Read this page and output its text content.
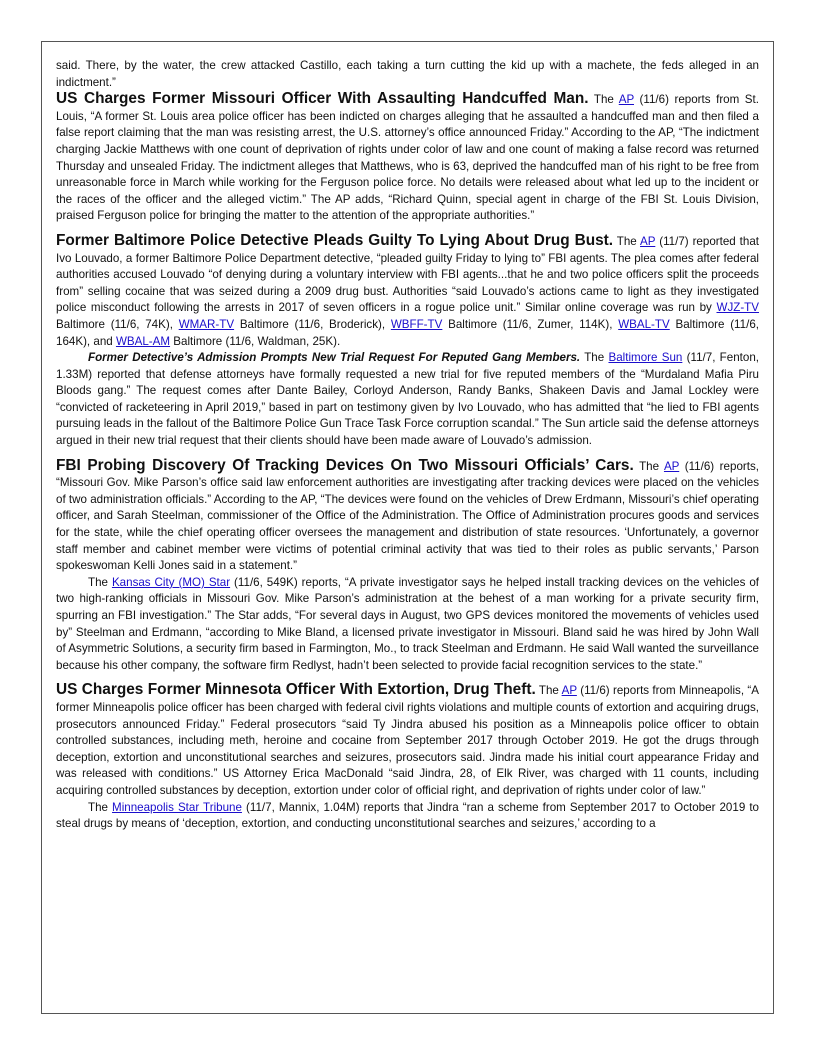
said. There, by the water, the crew attacked Castillo, each taking a turn cutting the kid up with a machete, the feds alleged in an indictment.”

US Charges Former Missouri Officer With Assaulting Handcuffed Man. The AP (11/6) reports from St. Louis, “A former St. Louis area police officer has been indicted on charges alleging that he assaulted a handcuffed man and then filed a false report claiming that the man was resisting arrest, the U.S. attorney’s office announced Friday.” According to the AP, “The indictment charging Jackie Matthews with one count of deprivation of rights under color of law and one count of making a false record was returned Thursday and unsealed Friday. The indictment alleges that Matthews, who is 63, deprived the handcuffed man of his right to be free from unreasonable force in March while working for the Ferguson police force. No details were released about what led up to the incident or the races of the officer and the alleged victim.” The AP adds, “Richard Quinn, special agent in charge of the FBI St. Louis Division, praised Ferguson police for bringing the matter to the attention of the appropriate authorities.”

Former Baltimore Police Detective Pleads Guilty To Lying About Drug Bust. The AP (11/7) reported that Ivo Louvado, a former Baltimore Police Department detective, “pleaded guilty Friday to lying to” FBI agents. The plea comes after federal authorities accused Louvado “of denying during a voluntary interview with FBI agents...that he and two police officers split the proceeds from” selling cocaine that was seized during a 2009 drug bust. Authorities “said Louvado’s actions came to light as they investigated police misconduct following the arrests in 2017 of seven officers in a rogue police unit.” Similar online coverage was run by WJZ-TV Baltimore (11/6, 74K), WMAR-TV Baltimore (11/6, Broderick), WBFF-TV Baltimore (11/6, Zumer, 114K), WBAL-TV Baltimore (11/6, 164K), and WBAL-AM Baltimore (11/6, Waldman, 25K).

Former Detective’s Admission Prompts New Trial Request For Reputed Gang Members. The Baltimore Sun (11/7, Fenton, 1.33M) reported that defense attorneys have formally requested a new trial for five reputed members of the “Murdaland Mafia Piru Bloods gang.” The request comes after Dante Bailey, Corloyd Anderson, Randy Banks, Shakeen Davis and Jamal Lockley were “convicted of racketeering in April 2019,” based in part on testimony given by Ivo Louvado, who has admitted that “he lied to FBI agents pursuing leads in the fallout of the Baltimore Police Gun Trace Task Force corruption scandal.” The Sun article said the defense attorneys argued in their new trial request that their clients should have been made aware of Louvado’s admission.

FBI Probing Discovery Of Tracking Devices On Two Missouri Officials’ Cars. The AP (11/6) reports, “Missouri Gov. Mike Parson’s office said law enforcement authorities are investigating after tracking devices were placed on the vehicles of two administration officials.” According to the AP, “The devices were found on the vehicles of Drew Erdmann, Missouri’s chief operating officer, and Sarah Steelman, commissioner of the Office of the Administration. The Office of Administration procures goods and services for the state, while the chief operating officer oversees the management and distribution of state resources. ‘Unfortunately, a governor staff member and cabinet member were victims of potential criminal activity that was tied to their roles as public servants,’ Parson spokeswoman Kelli Jones said in a statement.”

The Kansas City (MO) Star (11/6, 549K) reports, “A private investigator says he helped install tracking devices on the vehicles of two high-ranking officials in Missouri Gov. Mike Parson’s administration at the behest of a man working for a private security firm, spurring an FBI investigation.” The Star adds, “For several days in August, two GPS devices monitored the movements of vehicles used by” Steelman and Erdmann, “according to Mike Bland, a licensed private investigator in Missouri. Bland said he was hired by John Wall of Asymmetric Solutions, a security firm based in Farmington, Mo., to track Steelman and Erdmann. He said Wall wanted the surveillance because his other company, the software firm Redlyst, hadn’t been selected to provide facial recognition services to the state.”

US Charges Former Minnesota Officer With Extortion, Drug Theft. The AP (11/6) reports from Minneapolis, “A former Minneapolis police officer has been charged with federal civil rights violations and multiple counts of extortion and acquiring drugs, prosecutors announced Friday.” Federal prosecutors “said Ty Jindra abused his position as a Minneapolis police officer to obtain controlled substances, including meth, heroine and cocaine from September 2017 through October 2019. He got the drugs through deception, extortion and unconstitutional searches and seizures, prosecutors said. Jindra made his initial court appearance Friday and was released with conditions.” US Attorney Erica MacDonald “said Jindra, 28, of Elk River, was charged with 11 counts, including acquiring controlled substances by deception, extortion under color of official right, and deprivation of rights under color of law.”

The Minneapolis Star Tribune (11/7, Mannix, 1.04M) reports that Jindra “ran a scheme from September 2017 to October 2019 to steal drugs by means of ‘deception, extortion, and conducting unconstitutional searches and seizures,’ according to a
